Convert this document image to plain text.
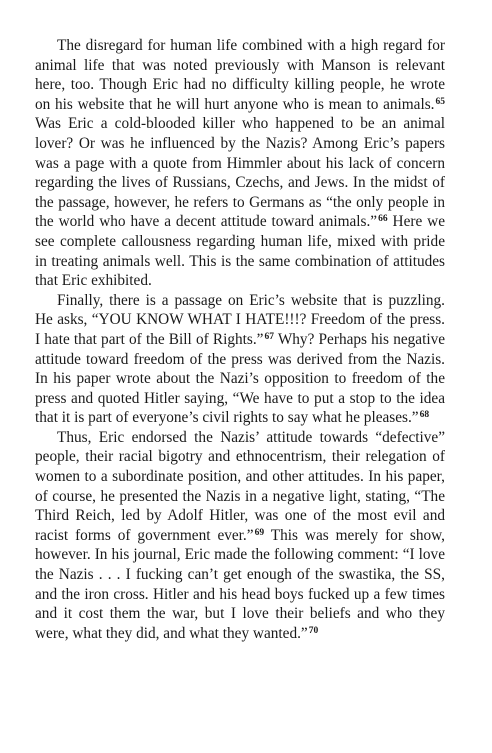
The disregard for human life combined with a high regard for animal life that was noted previously with Manson is relevant here, too. Though Eric had no difficulty killing people, he wrote on his website that he will hurt anyone who is mean to animals.$^{65}$ Was Eric a cold-blooded killer who happened to be an animal lover? Or was he influenced by the Nazis? Among Eric’s papers was a page with a quote from Himmler about his lack of concern regarding the lives of Russians, Czechs, and Jews. In the midst of the passage, however, he refers to Germans as “the only people in the world who have a decent attitude toward animals.”$^{66}$ Here we see complete callousness regarding human life, mixed with pride in treating animals well. This is the same combination of attitudes that Eric exhibited.

Finally, there is a passage on Eric’s website that is puzzling. He asks, “YOU KNOW WHAT I HATE!!!? Freedom of the press. I hate that part of the Bill of Rights.”$^{67}$ Why? Perhaps his negative attitude toward freedom of the press was derived from the Nazis. In his paper wrote about the Nazi’s opposition to freedom of the press and quoted Hitler saying, “We have to put a stop to the idea that it is part of everyone’s civil rights to say what he pleases.”$^{68}$

Thus, Eric endorsed the Nazis’ attitude towards “defective” people, their racial bigotry and ethnocentrism, their relegation of women to a subordinate position, and other attitudes. In his paper, of course, he presented the Nazis in a negative light, stating, “The Third Reich, led by Adolf Hitler, was one of the most evil and racist forms of government ever.”$^{69}$ This was merely for show, however. In his journal, Eric made the following comment: “I love the Nazis . . . I fucking can’t get enough of the swastika, the SS, and the iron cross. Hitler and his head boys fucked up a few times and it cost them the war, but I love their beliefs and who they were, what they did, and what they wanted.”$^{70}$
